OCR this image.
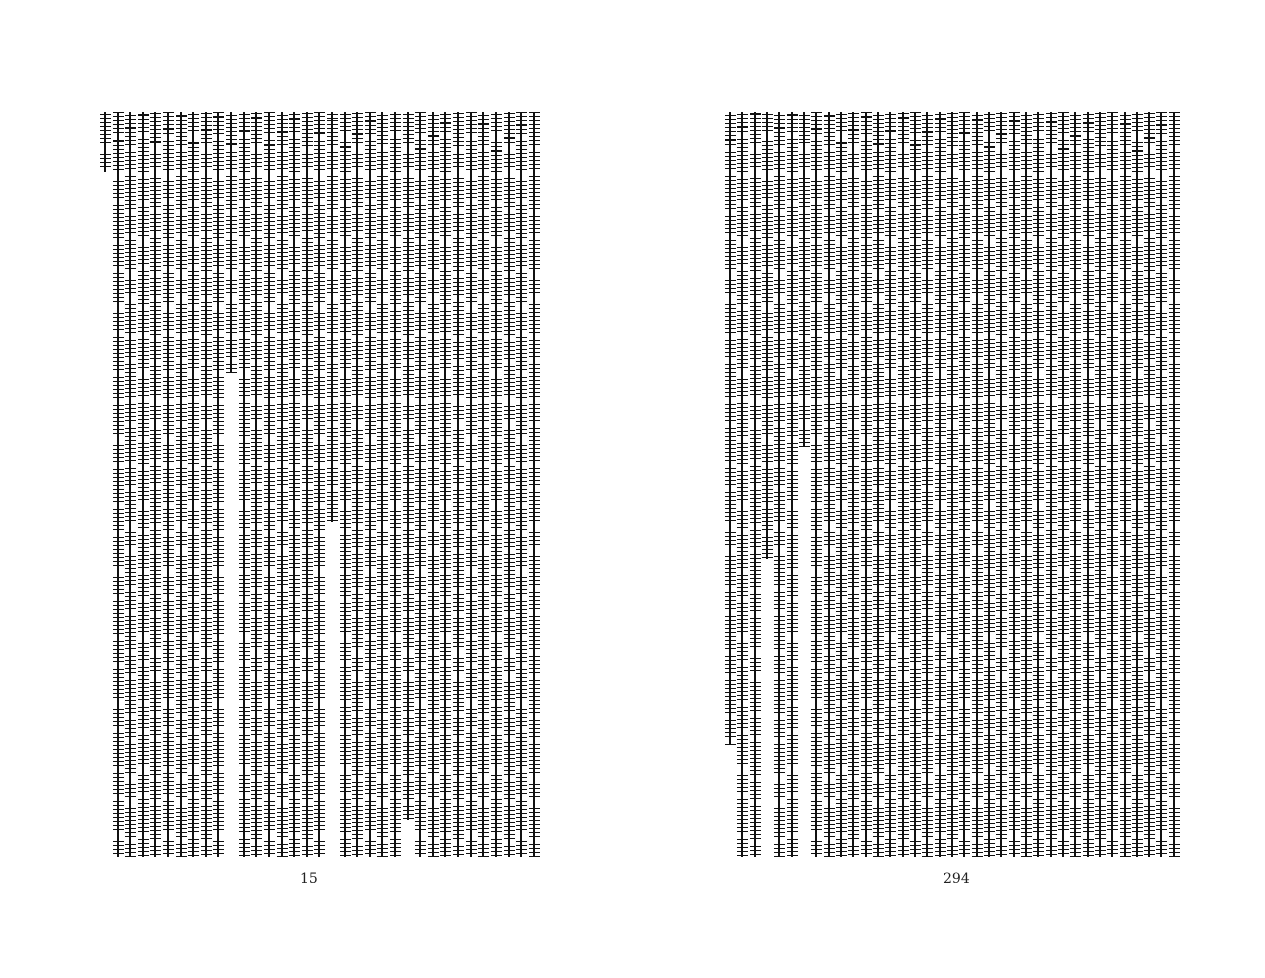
15	294
